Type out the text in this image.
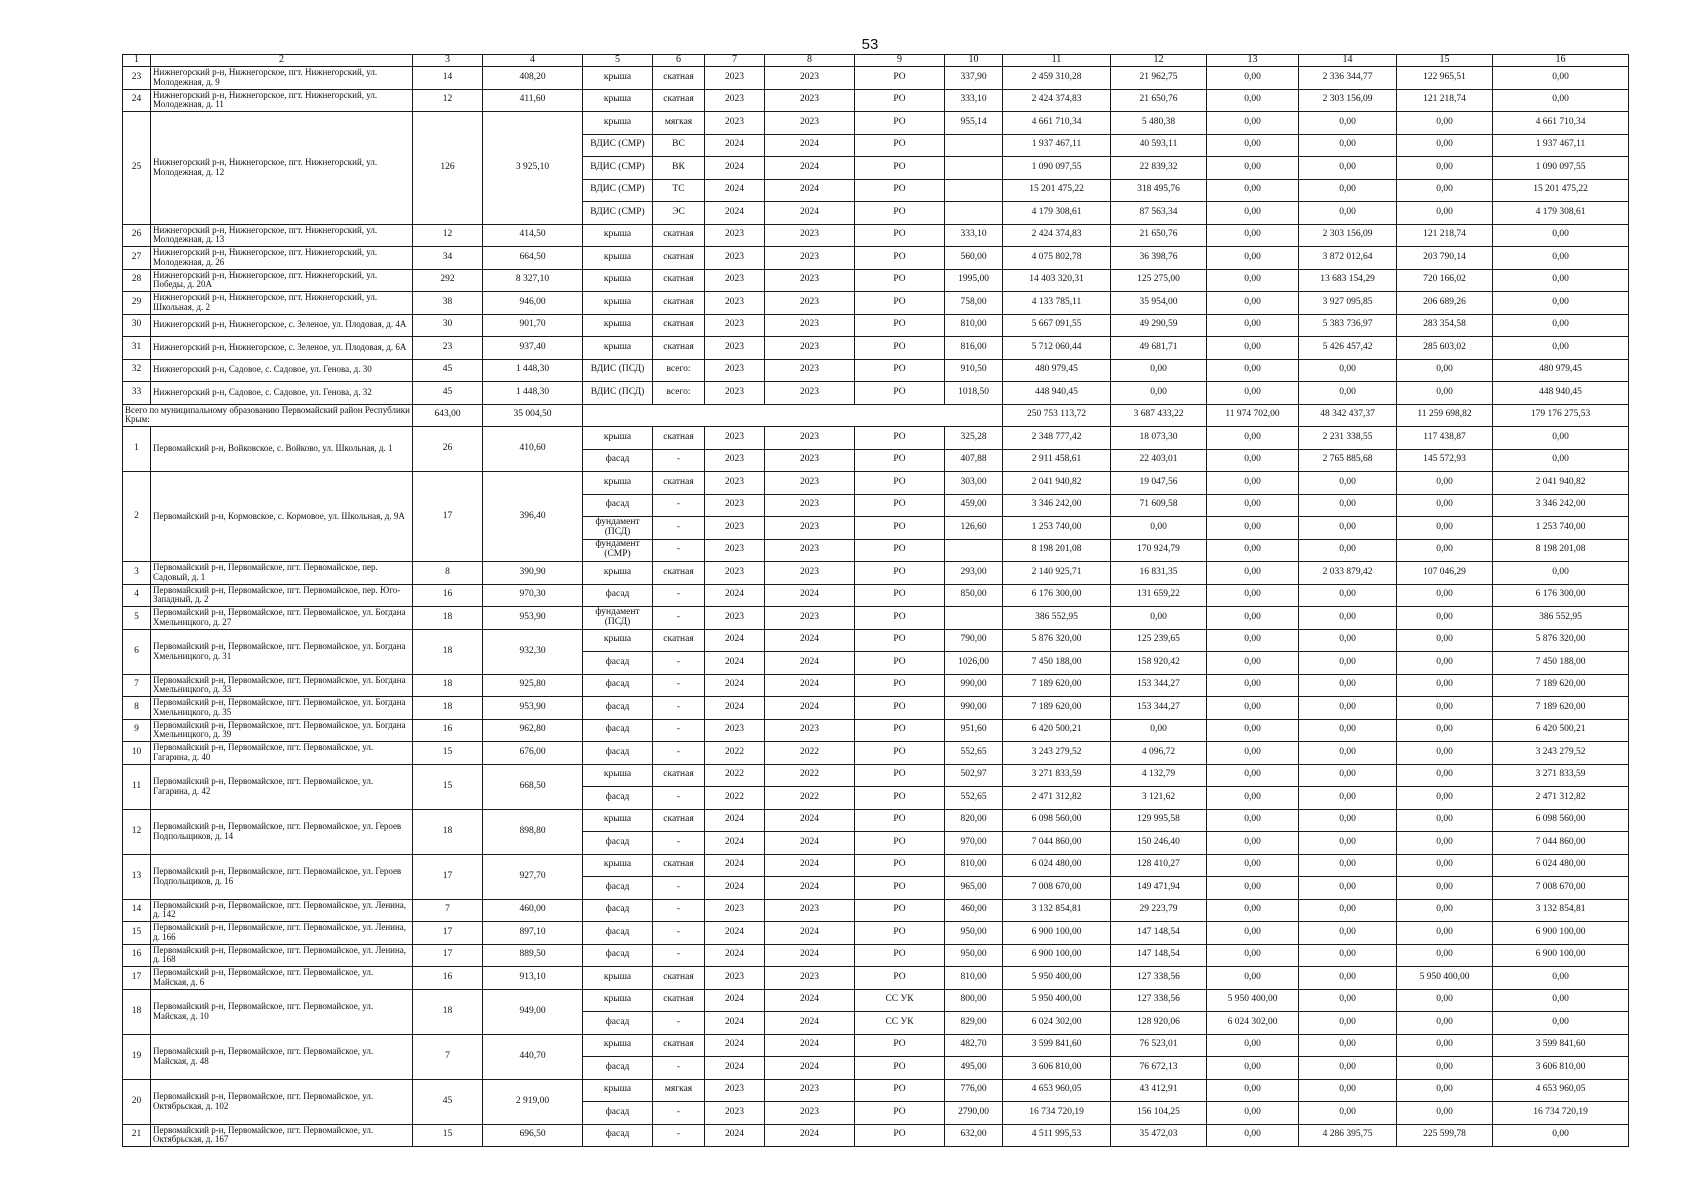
53
1	2	3	4	5	6	7	8	9	10	11	12	13	14	15	16
23	Нижнегорский р-н, Нижнегорское, пгт. Нижнегорский, ул. Молодежная, д. 9	14	408,20	крыша	скатная	2023	2023	РО	337,90	2 459 310,28	21 962,75	0,00	2 336 344,77	122 965,51	0,00
24	Нижнегорский р-н, Нижнегорское, пгт. Нижнегорский, ул. Молодежная, д. 11	12	411,60	крыша	скатная	2023	2023	РО	333,10	2 424 374,83	21 650,76	0,00	2 303 156,09	121 218,74	0,00
25	Нижнегорский р-н, Нижнегорское, пгт. Нижнегорский, ул. Молодежная, д. 12	126	3 925,10	крыша	мягкая	2023	2023	РО	955,14	4 661 710,34	5 480,38	0,00	0,00	0,00	4 661 710,34
				ВДИС (СМР)	ВС	2024	2024	РО		1 937 467,11	40 593,11	0,00	0,00	0,00	1 937 467,11
				ВДИС (СМР)	ВК	2024	2024	РО		1 090 097,55	22 839,32	0,00	0,00	0,00	1 090 097,55
				ВДИС (СМР)	ТС	2024	2024	РО		15 201 475,22	318 495,76	0,00	0,00	0,00	15 201 475,22
				ВДИС (СМР)	ЭС	2024	2024	РО		4 179 308,61	87 563,34	0,00	0,00	0,00	4 179 308,61
26	Нижнегорский р-н, Нижнегорское, пгт. Нижнегорский, ул. Молодежная, д. 13	12	414,50	крыша	скатная	2023	2023	РО	333,10	2 424 374,83	21 650,76	0,00	2 303 156,09	121 218,74	0,00
27	Нижнегорский р-н, Нижнегорское, пгт. Нижнегорский, ул. Молодежная, д. 26	34	664,50	крыша	скатная	2023	2023	РО	560,00	4 075 802,78	36 398,76	0,00	3 872 012,64	203 790,14	0,00
28	Нижнегорский р-н, Нижнегорское, пгт. Нижнегорский, ул. Победы, д. 20А	292	8 327,10	крыша	скатная	2023	2023	РО	1995,00	14 403 320,31	125 275,00	0,00	13 683 154,29	720 166,02	0,00
29	Нижнегорский р-н, Нижнегорское, пгт. Нижнегорский, ул. Школьная, д. 2	38	946,00	крыша	скатная	2023	2023	РО	758,00	4 133 785,11	35 954,00	0,00	3 927 095,85	206 689,26	0,00
30	Нижнегорский р-н, Нижнегорское, с. Зеленое, ул. Плодовая, д. 4А	30	901,70	крыша	скатная	2023	2023	РО	810,00	5 667 091,55	49 290,59	0,00	5 383 736,97	283 354,58	0,00
31	Нижнегорский р-н, Нижнегорское, с. Зеленое, ул. Плодовая, д. 6А	23	937,40	крыша	скатная	2023	2023	РО	816,00	5 712 060,44	49 681,71	0,00	5 426 457,42	285 603,02	0,00
32	Нижнегорский р-н, Садовое, с. Садовое, ул. Генова, д. 30	45	1 448,30	ВДИС (ПСД)	всего:	2023	2023	РО	910,50	480 979,45	0,00	0,00	0,00	0,00	480 979,45
33	Нижнегорский р-н, Садовое, с. Садовое, ул. Генова, д. 32	45	1 448,30	ВДИС (ПСД)	всего:	2023	2023	РО	1018,50	448 940,45	0,00	0,00	0,00	0,00	448 940,45
Всего по муниципальному образованию Первомайский район Республики Крым:		643,00	35 004,50							250 753 113,72	3 687 433,22	11 974 702,00	48 342 437,37	11 259 698,82	179 176 275,53
1	Первомайский р-н, Войковское, с. Войково, ул. Школьная, д. 1	26	410,60	крыша	скатная	2023	2023	РО	325,28	2 348 777,42	18 073,30	0,00	2 231 338,55	117 438,87	0,00
				фасад	-	2023	2023	РО	407,88	2 911 458,61	22 403,01	0,00	2 765 885,68	145 572,93	0,00
2	Первомайский р-н, Кормовское, с. Кормовое, ул. Школьная, д. 9А	17	396,40	крыша	скатная	2023	2023	РО	303,00	2 041 940,82	19 047,56	0,00	0,00	0,00	2 041 940,82
				фасад	-	2023	2023	РО	459,00	3 346 242,00	71 609,58	0,00	0,00	0,00	3 346 242,00
				фундамент (ПСД)	-	2023	2023	РО	126,60	1 253 740,00	0,00	0,00	0,00	0,00	1 253 740,00
				фундамент (СМР)	-	2023	2023	РО		8 198 201,08	170 924,79	0,00	0,00	0,00	8 198 201,08
3	Первомайский р-н, Первомайское, пгт. Первомайское, пер. Садовый, д. 1	8	390,90	крыша	скатная	2023	2023	РО	293,00	2 140 925,71	16 831,35	0,00	2 033 879,42	107 046,29	0,00
4	Первомайский р-н, Первомайское, пгт. Первомайское, пер. Юго-Западный, д. 2	16	970,30	фасад	-	2024	2024	РО	850,00	6 176 300,00	131 659,22	0,00	0,00	0,00	6 176 300,00
5	Первомайский р-н, Первомайское, пгт. Первомайское, ул. Богдана Хмельницкого, д. 27	18	953,90	фундамент (ПСД)	-	2023	2023	РО		386 552,95	0,00	0,00	0,00	0,00	386 552,95
6	Первомайский р-н, Первомайское, пгт. Первомайское, ул. Богдана Хмельницкого, д. 31	18	932,30	крыша	скатная	2024	2024	РО	790,00	5 876 320,00	125 239,65	0,00	0,00	0,00	5 876 320,00
				фасад	-	2024	2024	РО	1026,00	7 450 188,00	158 920,42	0,00	0,00	0,00	7 450 188,00
7	Первомайский р-н, Первомайское, пгт. Первомайское, ул. Богдана Хмельницкого, д. 33	18	925,80	фасад	-	2024	2024	РО	990,00	7 189 620,00	153 344,27	0,00	0,00	0,00	7 189 620,00
8	Первомайский р-н, Первомайское, пгт. Первомайское, ул. Богдана Хмельницкого, д. 35	18	953,90	фасад	-	2024	2024	РО	990,00	7 189 620,00	153 344,27	0,00	0,00	0,00	7 189 620,00
9	Первомайский р-н, Первомайское, пгт. Первомайское, ул. Богдана Хмельницкого, д. 39	16	962,80	фасад	-	2023	2023	РО	951,60	6 420 500,21	0,00	0,00	0,00	0,00	6 420 500,21
10	Первомайский р-н, Первомайское, пгт. Первомайское, ул. Гагарина, д. 40	15	676,00	фасад	-	2022	2022	РО	552,65	3 243 279,52	4 096,72	0,00	0,00	0,00	3 243 279,52
11	Первомайский р-н, Первомайское, пгт. Первомайское, ул. Гагарина, д. 42	15	668,50	крыша	скатная	2022	2022	РО	502,97	3 271 833,59	4 132,79	0,00	0,00	0,00	3 271 833,59
				фасад	-	2022	2022	РО	552,65	2 471 312,82	3 121,62	0,00	0,00	0,00	2 471 312,82
12	Первомайский р-н, Первомайское, пгт. Первомайское, ул. Героев Подпольщиков, д. 14	18	898,80	крыша	скатная	2024	2024	РО	820,00	6 098 560,00	129 995,58	0,00	0,00	0,00	6 098 560,00
				фасад	-	2024	2024	РО	970,00	7 044 860,00	150 246,40	0,00	0,00	0,00	7 044 860,00
13	Первомайский р-н, Первомайское, пгт. Первомайское, ул. Героев Подпольщиков, д. 16	17	927,70	крыша	скатная	2024	2024	РО	810,00	6 024 480,00	128 410,27	0,00	0,00	0,00	6 024 480,00
				фасад	-	2024	2024	РО	965,00	7 008 670,00	149 471,94	0,00	0,00	0,00	7 008 670,00
14	Первомайский р-н, Первомайское, пгт. Первомайское, ул. Ленина, д. 142	7	460,00	фасад	-	2023	2023	РО	460,00	3 132 854,81	29 223,79	0,00	0,00	0,00	3 132 854,81
15	Первомайский р-н, Первомайское, пгт. Первомайское, ул. Ленина, д. 166	17	897,10	фасад	-	2024	2024	РО	950,00	6 900 100,00	147 148,54	0,00	0,00	0,00	6 900 100,00
16	Первомайский р-н, Первомайское, пгт. Первомайское, ул. Ленина, д. 168	17	889,50	фасад	-	2024	2024	РО	950,00	6 900 100,00	147 148,54	0,00	0,00	0,00	6 900 100,00
17	Первомайский р-н, Первомайское, пгт. Первомайское, ул. Майская, д. 6	16	913,10	крыша	скатная	2023	2023	РО	810,00	5 950 400,00	127 338,56	0,00	0,00	5 950 400,00	0,00
18	Первомайский р-н, Первомайское, пгт. Первомайское, ул. Майская, д. 10	18	949,00	крыша	скатная	2024	2024	СС УК	800,00	5 950 400,00	127 338,56	5 950 400,00	0,00	0,00	0,00
				фасад	-	2024	2024	СС УК	829,00	6 024 302,00	128 920,06	6 024 302,00	0,00	0,00	0,00
19	Первомайский р-н, Первомайское, пгт. Первомайское, ул. Майская, д. 48	7	440,70	крыша	скатная	2024	2024	РО	482,70	3 599 841,60	76 523,01	0,00	0,00	0,00	3 599 841,60
				фасад	-	2024	2024	РО	495,00	3 606 810,00	76 672,13	0,00	0,00	0,00	3 606 810,00
20	Первомайский р-н, Первомайское, пгт. Первомайское, ул. Октябрьская, д. 102	45	2 919,00	крыша	мягкая	2023	2023	РО	776,00	4 653 960,05	43 412,91	0,00	0,00	0,00	4 653 960,05
				фасад	-	2023	2023	РО	2790,00	16 734 720,19	156 104,25	0,00	0,00	0,00	16 734 720,19
21	Первомайский р-н, Первомайское, пгт. Первомайское, ул. Октябрьская, д. 167	15	696,50	фасад	-	2024	2024	РО	632,00	4 511 995,53	35 472,03	0,00	4 286 395,75	225 599,78	0,00
